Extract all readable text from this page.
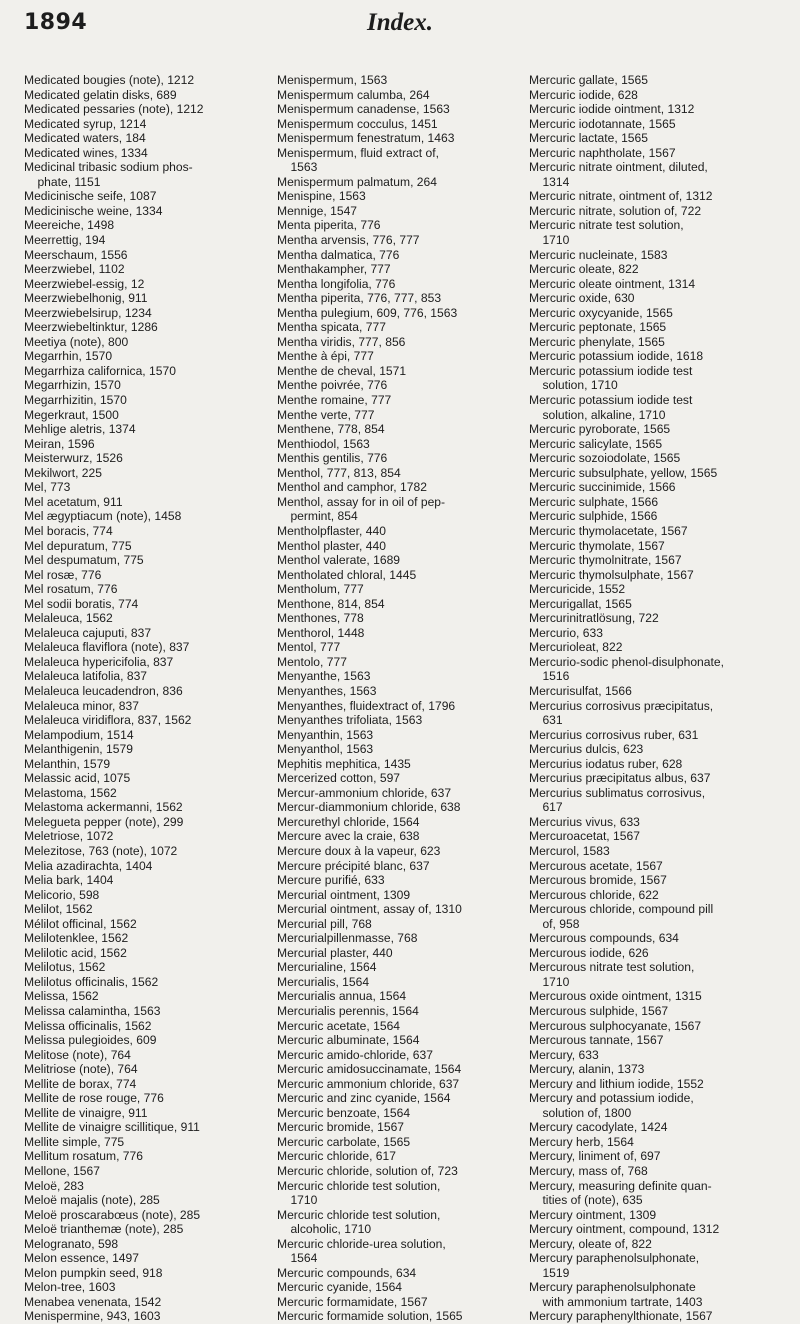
1894	Index.
Medicated bougies (note), 1212
Medicated gelatin disks, 689
Medicated pessaries (note), 1212
Medicated syrup, 1214
Medicated waters, 184
Medicated wines, 1334
Medicinal tribasic sodium phos-
phate, 1151
Medicinische seife, 1087
Medicinische weine, 1334
Meereiche, 1498
Meerrettig, 194
Meerschaum, 1556
Meerzwiebel, 1102
Meerzwiebel-essig, 12
Meerzwiebelhonig, 911
Meerzwiebelsirup, 1234
Meerzwiebeltinktur, 1286
Meetiya (note), 800
Megarrhin, 1570
Megarrhiza californica, 1570
Megarrhizin, 1570
Megarrhizitin, 1570
Megerkraut, 1500
Mehlige aletris, 1374
Meiran, 1596
Meisterwurz, 1526
Mekilwort, 225
Mel, 773
Mel acetatum, 911
Mel ægyptiacum (note), 1458
Mel boracis, 774
Mel depuratum, 775
Mel despumatum, 775
Mel rosæ, 776
Mel rosatum, 776
Mel sodii boratis, 774
Melaleuca, 1562
Melaleuca cajuputi, 837
Melaleuca flaviflora (note), 837
Melaleuca hypericifolia, 837
Melaleuca latifolia, 837
Melaleuca leucadendron, 836
Melaleuca minor, 837
Melaleuca viridiflora, 837, 1562
Melampodium, 1514
Melanthigenin, 1579
Melanthin, 1579
Melassic acid, 1075
Melastoma, 1562
Melastoma ackermanni, 1562
Melegueta pepper (note), 299
Meletriose, 1072
Melezitose, 763 (note), 1072
Melia azadirachta, 1404
Melia bark, 1404
Melicorio, 598
Melilot, 1562
Mélilot officinal, 1562
Melilotenklee, 1562
Melilotic acid, 1562
Melilotus, 1562
Melilotus officinalis, 1562
Melissa, 1562
Melissa calamintha, 1563
Melissa officinalis, 1562
Melissa pulegioides, 609
Melitose (note), 764
Melitriose (note), 764
Mellite de borax, 774
Mellite de rose rouge, 776
Mellite de vinaigre, 911
Mellite de vinaigre scillitique, 911
Mellite simple, 775
Mellitum rosatum, 776
Mellone, 1567
Meloë, 283
Meloë majalis (note), 285
Meloë proscarabœus (note), 285
Meloë trianthemæ (note), 285
Melogranato, 598
Melon essence, 1497
Melon pumpkin seed, 918
Melon-tree, 1603
Menabea venenata, 1542
Menispermine, 943, 1603
Menispermum, 1563
Menispermum calumba, 264
Menispermum canadense, 1563
Menispermum cocculus, 1451
Menispermum fenestratum, 1463
Menispermum, fluid extract of,
1563
Menispermum palmatum, 264
Menispine, 1563
Mennige, 1547
Menta piperita, 776
Mentha arvensis, 776, 777
Mentha dalmatica, 776
Menthakampher, 777
Mentha longifolia, 776
Mentha piperita, 776, 777, 853
Mentha pulegium, 609, 776, 1563
Mentha spicata, 777
Mentha viridis, 777, 856
Menthe à épi, 777
Menthe de cheval, 1571
Menthe poivrée, 776
Menthe romaine, 777
Menthe verte, 777
Menthene, 778, 854
Menthiodol, 1563
Menthis gentilis, 776
Menthol, 777, 813, 854
Menthol and camphor, 1782
Menthol, assay for in oil of pep-
permint, 854
Mentholpflaster, 440
Menthol plaster, 440
Menthol valerate, 1689
Mentholated chloral, 1445
Mentholum, 777
Menthone, 814, 854
Menthones, 778
Menthorol, 1448
Mentol, 777
Mentolo, 777
Menyanthe, 1563
Menyanthes, 1563
Menyanthes, fluidextract of, 1796
Menyanthes trifoliata, 1563
Menyanthin, 1563
Menyanthol, 1563
Mephitis mephitica, 1435
Mercerized cotton, 597
Mercur-ammonium chloride, 637
Mercur-diammonium chloride, 638
Mercurethyl chloride, 1564
Mercure avec la craie, 638
Mercure doux à la vapeur, 623
Mercure précipité blanc, 637
Mercure purifié, 633
Mercurial ointment, 1309
Mercurial ointment, assay of, 1310
Mercurial pill, 768
Mercurialpillenmasse, 768
Mercurial plaster, 440
Mercurialine, 1564
Mercurialis, 1564
Mercurialis annua, 1564
Mercurialis perennis, 1564
Mercuric acetate, 1564
Mercuric albuminate, 1564
Mercuric amido-chloride, 637
Mercuric amidosuccinamate, 1564
Mercuric ammonium chloride, 637
Mercuric and zinc cyanide, 1564
Mercuric benzoate, 1564
Mercuric bromide, 1567
Mercuric carbolate, 1565
Mercuric chloride, 617
Mercuric chloride, solution of, 723
Mercuric chloride test solution,
1710
Mercuric chloride test solution,
alcoholic, 1710
Mercuric chloride-urea solution,
1564
Mercuric compounds, 634
Mercuric cyanide, 1564
Mercuric formamidate, 1567
Mercuric formamide solution, 1565
Mercuric gallate, 1565
Mercuric iodide, 628
Mercuric iodide ointment, 1312
Mercuric iodotannate, 1565
Mercuric lactate, 1565
Mercuric naphtholate, 1567
Mercuric nitrate ointment, diluted,
1314
Mercuric nitrate, ointment of, 1312
Mercuric nitrate, solution of, 722
Mercuric nitrate test solution,
1710
Mercuric nucleinate, 1583
Mercuric oleate, 822
Mercuric oleate ointment, 1314
Mercuric oxide, 630
Mercuric oxycyanide, 1565
Mercuric peptonate, 1565
Mercuric phenylate, 1565
Mercuric potassium iodide, 1618
Mercuric potassium iodide test
solution, 1710
Mercuric potassium iodide test
solution, alkaline, 1710
Mercuric pyroborate, 1565
Mercuric salicylate, 1565
Mercuric sozoiodolate, 1565
Mercuric subsulphate, yellow, 1565
Mercuric succinimide, 1566
Mercuric sulphate, 1566
Mercuric sulphide, 1566
Mercuric thymolacetate, 1567
Mercuric thymolate, 1567
Mercuric thymolnitrate, 1567
Mercuric thymolsulphate, 1567
Mercuricide, 1552
Mercurigallat, 1565
Mercurinitratlösung, 722
Mercurio, 633
Mercurioleat, 822
Mercurio-sodic phenol-disulphonate,
1516
Mercurisulfat, 1566
Mercurius corrosivus præcipitatus,
631
Mercurius corrosivus ruber, 631
Mercurius dulcis, 623
Mercurius iodatus ruber, 628
Mercurius præcipitatus albus, 637
Mercurius sublimatus corrosivus,
617
Mercurius vivus, 633
Mercuroacetat, 1567
Mercurol, 1583
Mercurous acetate, 1567
Mercurous bromide, 1567
Mercurous chloride, 622
Mercurous chloride, compound pill
of, 958
Mercurous compounds, 634
Mercurous iodide, 626
Mercurous nitrate test solution,
1710
Mercurous oxide ointment, 1315
Mercurous sulphide, 1567
Mercurous sulphocyanate, 1567
Mercurous tannate, 1567
Mercury, 633
Mercury, alanin, 1373
Mercury and lithium iodide, 1552
Mercury and potassium iodide,
solution of, 1800
Mercury cacodylate, 1424
Mercury herb, 1564
Mercury, liniment of, 697
Mercury, mass of, 768
Mercury, measuring definite quan-
tities of (note), 635
Mercury ointment, 1309
Mercury ointment, compound, 1312
Mercury, oleate of, 822
Mercury paraphenolsulphonate,
1519
Mercury paraphenolsulphonate
with ammonium tartrate, 1403
Mercury paraphenylthionate, 1567
